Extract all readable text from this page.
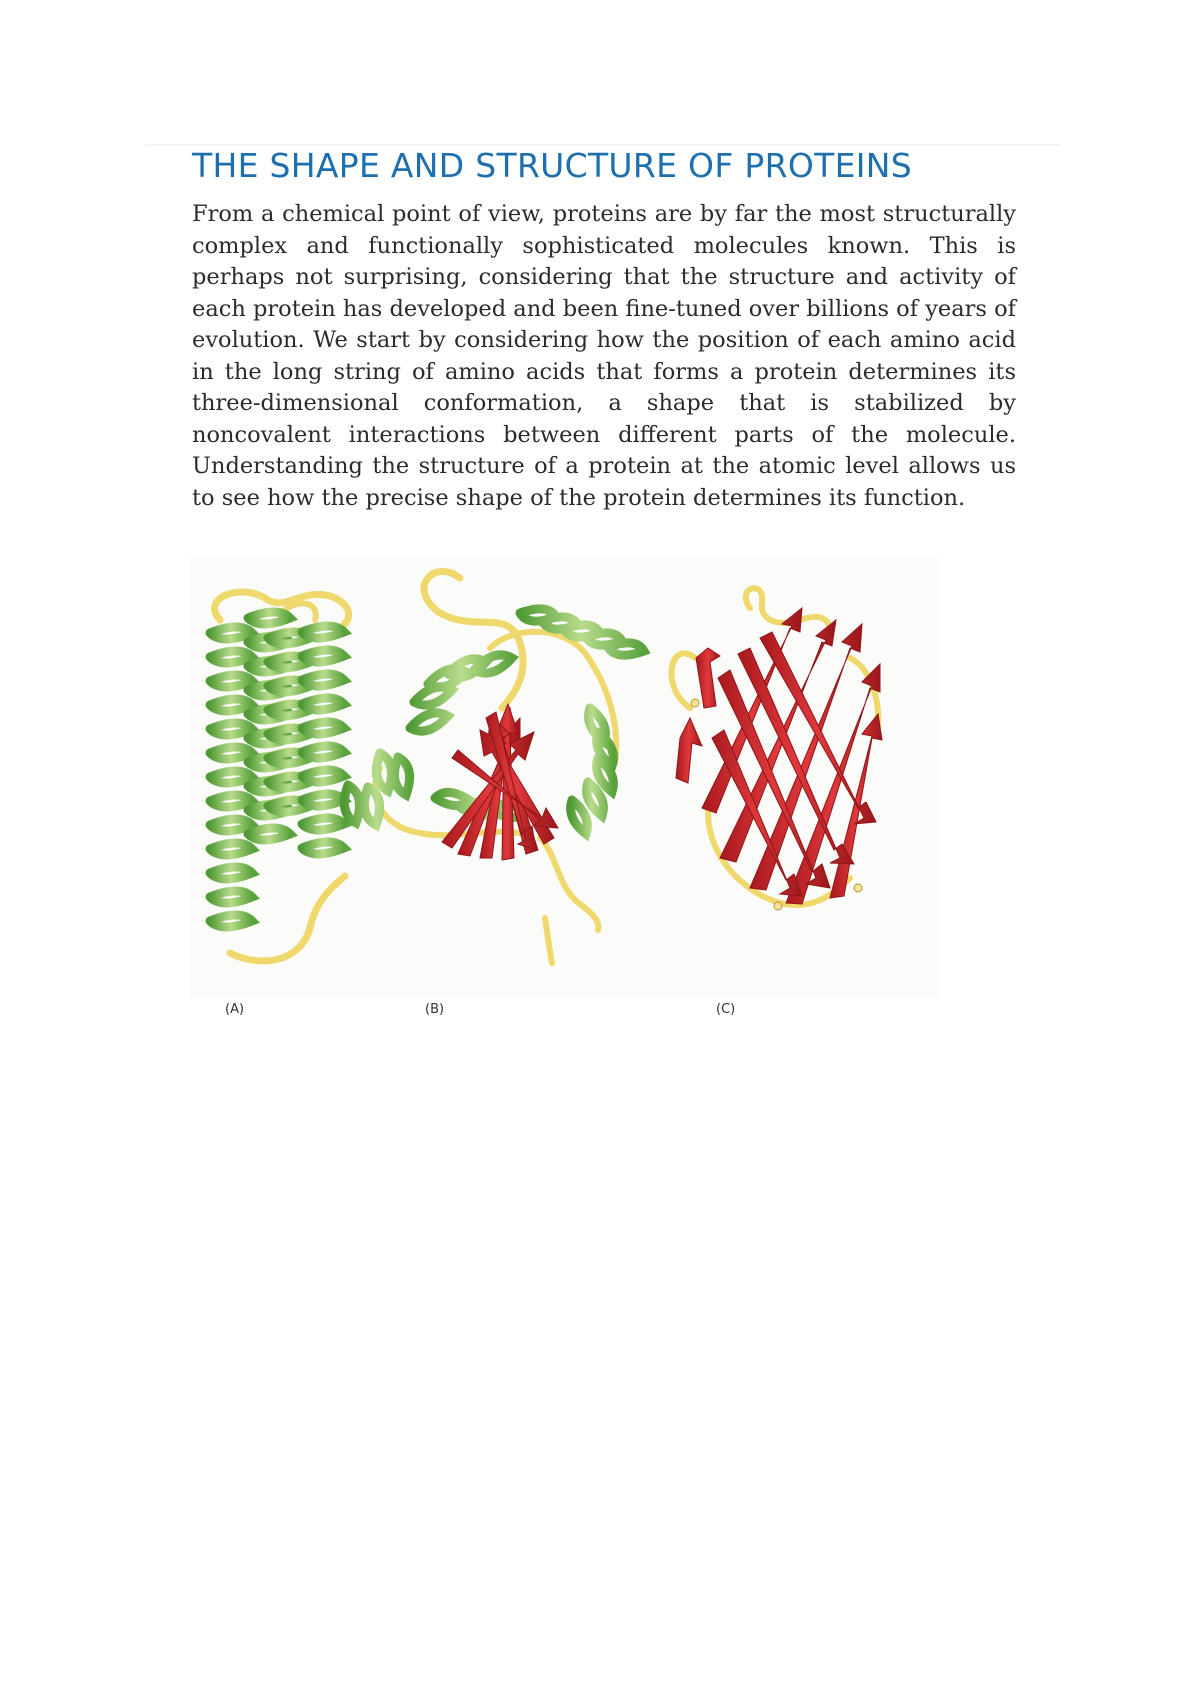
THE SHAPE AND STRUCTURE OF PROTEINS

From a chemical point of view, proteins are by far the most structurally complex and functionally sophisticated molecules known. This is perhaps not surprising, considering that the structure and activity of each protein has developed and been fine-tuned over billions of years of evolution. We start by considering how the position of each amino acid in the long string of amino acids that forms a protein determines its three-dimensional conformation, a shape that is stabilized by noncovalent interactions between different parts of the molecule. Understanding the structure of a protein at the atomic level allows us to see how the precise shape of the protein determines its function.

(A)	(B)	(C)
